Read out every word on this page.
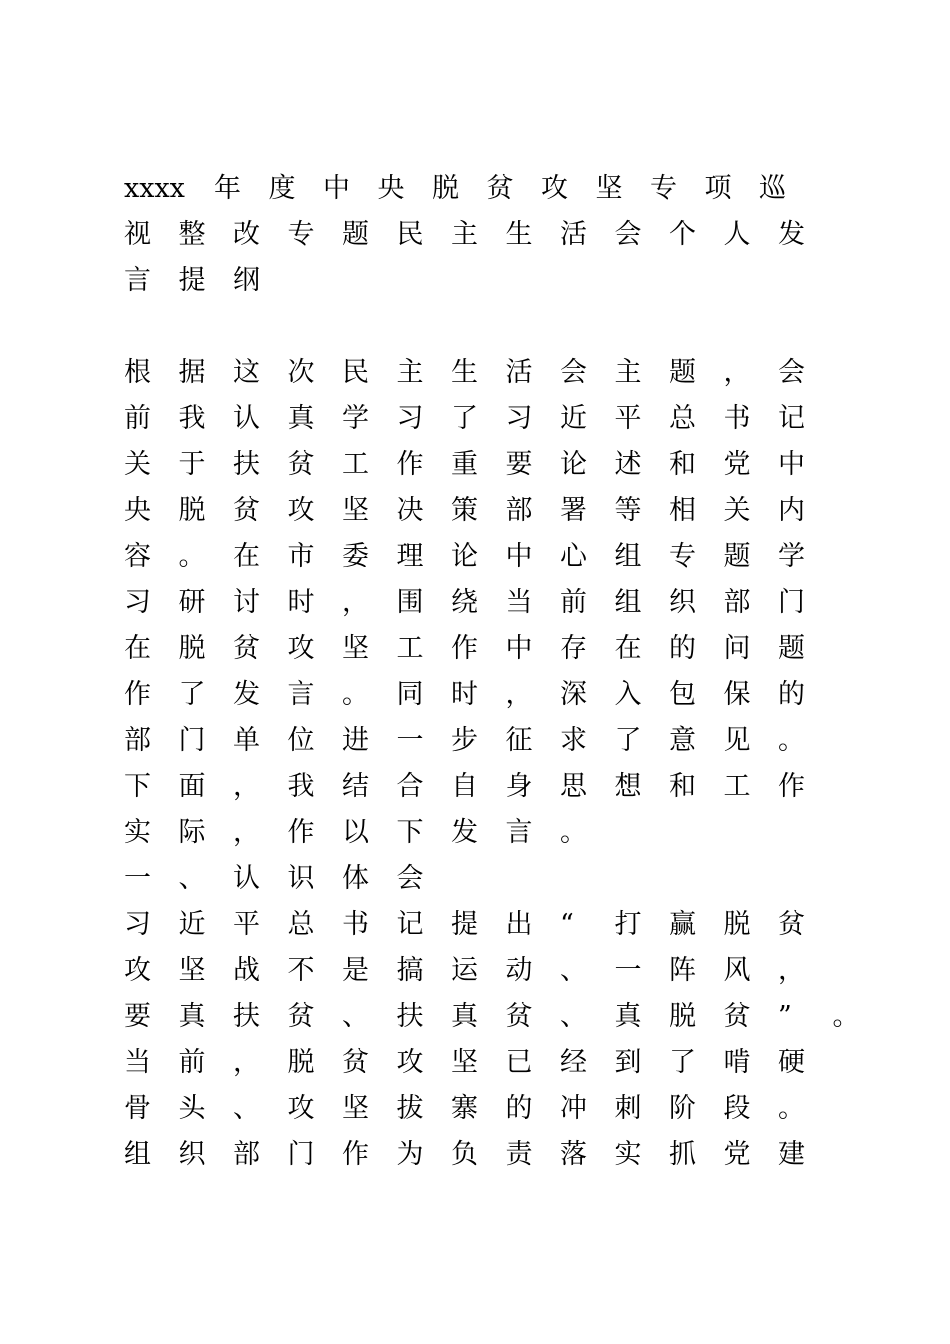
xxxx 年 度 中 央 脱 贫 攻 坚 专 项 巡
视 整 改 专 题 民 主 生 活 会 个 人 发
言 提 纲
根 据 这 次 民 主 生 活 会 主 题 ， 会
前 我 认 真 学 习 了 习 近 平 总 书 记
关 于 扶 贫 工 作 重 要 论 述 和 党 中
央 脱 贫 攻 坚 决 策 部 署 等 相 关 内
容 。 在 市 委 理 论 中 心 组 专 题 学
习 研 讨 时 ， 围 绕 当 前 组 织 部 门
在 脱 贫 攻 坚 工 作 中 存 在 的 问 题
作 了 发 言 。 同 时 ， 深 入 包 保 的
部 门 单 位 进 一 步 征 求 了 意 见 。
下 面 ， 我 结 合 自 身 思 想 和 工 作
实 际 ， 作 以 下 发 言 。
一 、 认 识 体 会
习 近 平 总 书 记 提 出 “ 打 赢 脱 贫
攻 坚 战 不 是 搞 运 动 、 一 阵 风 ，
要 真 扶 贫 、 扶 真 贫 、 真 脱 贫 ” 。
当 前 ， 脱 贫 攻 坚 已 经 到 了 啃 硬
骨 头 、 攻 坚 拔 寨 的 冲 刺 阶 段 。
组 织 部 门 作 为 负 责 落 实 抓 党 建
